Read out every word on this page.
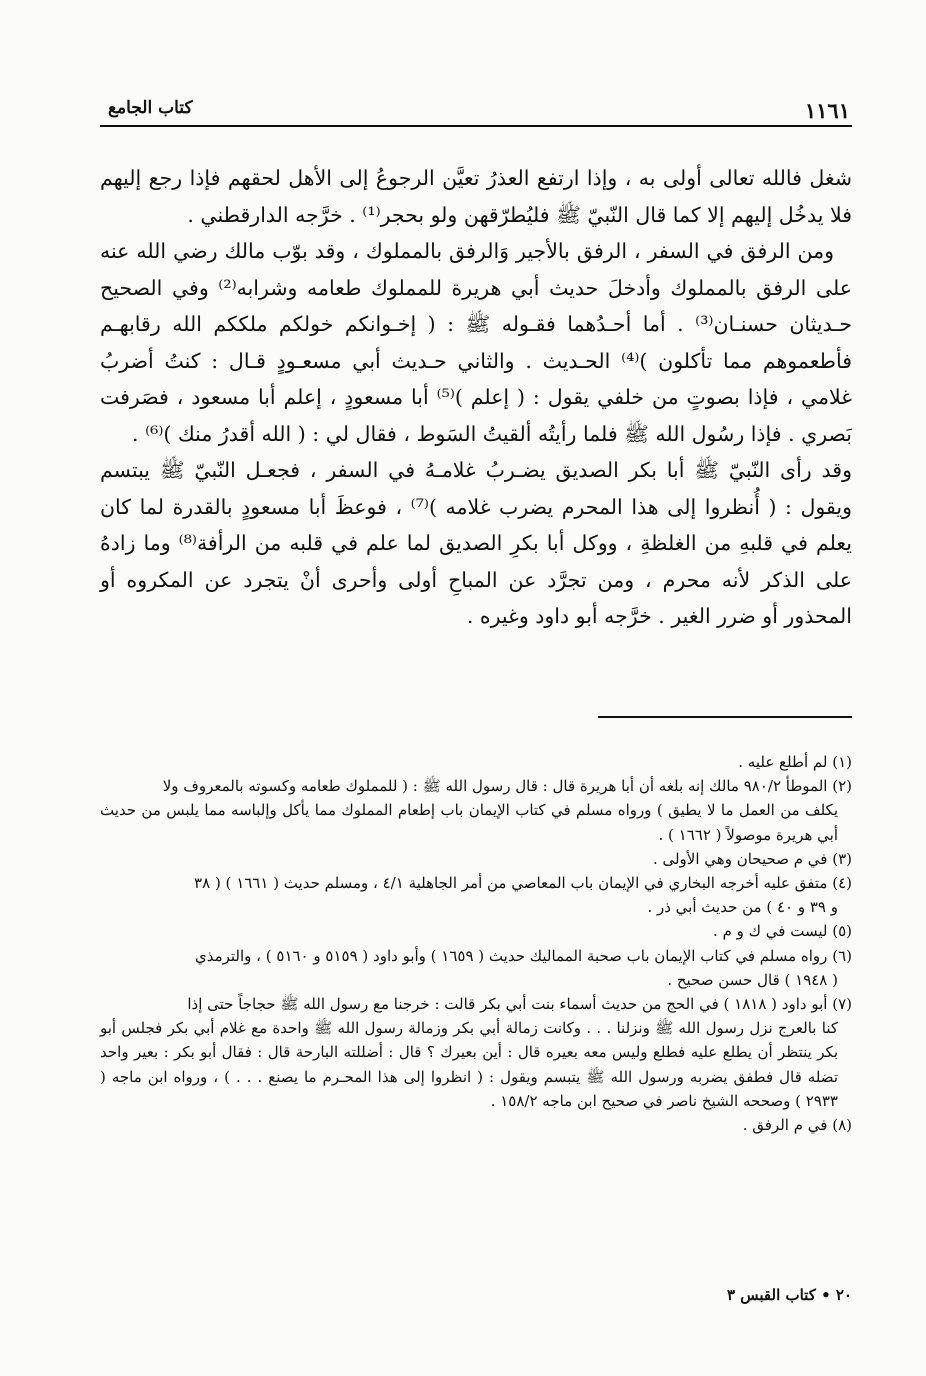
كتاب الجامع	١١٦١

شغل فالله تعالى أولى به ، وإذا ارتفع العذرُ تعيَّن الرجوعُ إلى الأهل لحقهم فإذا رجع إليهم فلا يدخُل إليهم إلا كما قال النّبيّ ﷺ فليُطرّقهن ولو بحجر⁽¹⁾ . خرَّجه الدارقطني .

ومن الرفق في السفر ، الرفق بالأجير وَالرفق بالمملوك ، وقد بوّب مالك رضي الله عنه على الرفق بالمملوك وأدخلَ حديث أبي هريرة للمملوك طعامه وشرابه⁽²⁾ وفي الصحيح حـديثان حسنـان⁽³⁾ . أما أحـدُهما فقـوله ﷺ : ( إخـوانكم خولكم ملككم الله رقابهـم فأطعموهم مما تأكلون )⁽⁴⁾ الحـديث . والثاني حـديث أبي مسعـودٍ قـال : كنتُ أضربُ غلامي ، فإذا بصوتٍ من خلفي يقول : ( إعلم )⁽⁵⁾ أبا مسعودٍ ، إعلم أبا مسعود ، فصَرفت بَصري . فإذا رسُول الله ﷺ فلما رأيتُه ألقيتُ السَوط ، فقال لي : ( الله أقدرُ منك )⁽⁶⁾ .

وقد رأى النّبيّ ﷺ أبا بكر الصديق يضـربُ غلامـهُ في السفر ، فجعـل النّبيّ ﷺ يبتسم ويقول : ( أُنظروا إلى هذا المحرم يضرب غلامه )⁽⁷⁾ ، فوعظَ أبا مسعودٍ بالقدرة لما كان يعلم في قلبهِ من الغلظةِ ، ووكل أبا بكرِ الصديق لما علم في قلبه من الرأفة⁽⁸⁾ وما زادهُ على الذكر لأنه محرم ، ومن تجرَّد عن المباحِ أولى وأحرى أنْ يتجرد عن المكروه أو المحذور أو ضرر الغير . خرَّجه أبو داود وغيره .

(١) لم أطلع عليه .
(٢) الموطأ ٩٨٠/٢ مالك إنه بلغه أن أبا هريرة قال : قال رسول الله ﷺ : ( للمملوك طعامه وكسوته بالمعروف ولا
يكلف من العمل ما لا يطيق ) ورواه مسلم في كتاب الإيمان باب إطعام المملوك مما يأكل وإلباسه مما يلبس من حديث أبي هريرة موصولاً ( ١٦٦٢ ) .
(٣) في م صحيحان وهي الأولى .
(٤) متفق عليه أخرجه البخاري في الإيمان باب المعاصي من أمر الجاهلية ٤/١ ، ومسلم حديث ( ١٦٦١ ) ( ٣٨
و ٣٩ و ٤٠ ) من حديث أبي ذر .
(٥) ليست في ك و م .
(٦) رواه مسلم في كتاب الإيمان باب صحبة المماليك حديث ( ١٦٥٩ ) وأبو داود ( ٥١٥٩ و ٥١٦٠ ) ، والترمذي
( ١٩٤٨ ) قال حسن صحيح .
(٧) أبو داود ( ١٨١٨ ) في الحج من حديث أسماء بنت أبي بكر قالت : خرجنا مع رسول الله ﷺ حجاجاً حتى إذا
كنا بالعرج نزل رسول الله ﷺ ونزلنا . . . وكانت زمالة أبي بكر وزمالة رسول الله ﷺ واحدة مع غلام أبي بكر فجلس أبو بكر ينتظر أن يطلع عليه فطلع وليس معه بعيره قال : أين بعيرك ؟ قال : أضللته البارحة قال : فقال أبو بكر : بعير واحد تضله قال فطفق يضربه ورسول الله ﷺ يتبسم ويقول : ( انظروا إلى هذا المحـرم ما يصنع . . . ) ، ورواه ابن ماجه ( ٢٩٣٣ ) وصححه الشيخ ناصر في صحيح ابن ماجه ١٥٨/٢ .
(٨) في م الرفق .
٢٠ • كتاب القبس ٣
